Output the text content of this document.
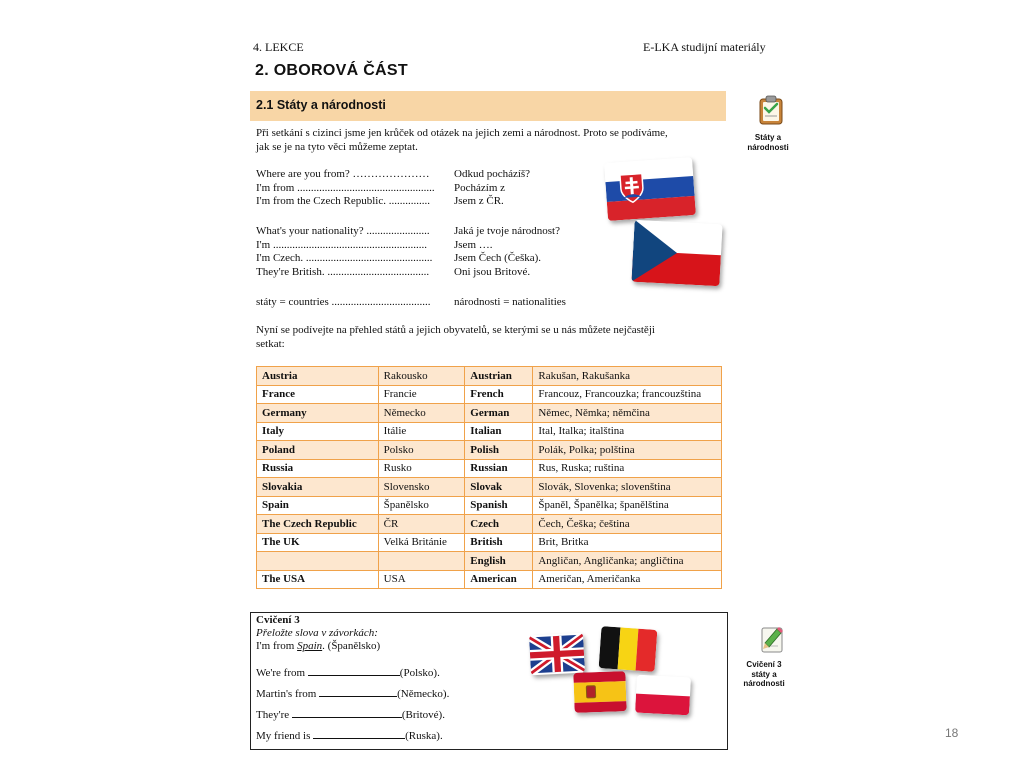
4. LEKCE	E-LKA studijní materiály
2. OBOROVÁ ČÁST
2.1 Státy a národnosti
Státy a
národnosti
Při setkání s cizinci jsme jen krůček od otázek na jejich zemi a národnost. Proto se podíváme,
jak se je na tyto věci můžeme zeptat.
Where are you from? ………………… Odkud pocházíš?
I'm from .................................................. Pocházím z
I'm from the Czech Republic. ............... Jsem z ČR.
What's your nationality? ....................... Jaká je tvoje národnost?
I'm ........................................................ Jsem ….
I'm Czech. .............................................. Jsem Čech (Češka).
They're British. ..................................... Oni jsou Britové.
státy = countries .................................... národnosti = nationalities
Nyní se podívejte na přehled států a jejich obyvatelů, se kterými se u nás můžete nejčastěji
setkat:
Austria	Rakousko	Austrian	Rakušan, Rakušanka
France	Francie	French	Francouz, Francouzka; francouzština
Germany	Německo	German	Němec, Němka; němčina
Italy	Itálie	Italian	Ital, Italka; italština
Poland	Polsko	Polish	Polák, Polka; polština
Russia	Rusko	Russian	Rus, Ruska; ruština
Slovakia	Slovensko	Slovak	Slovák, Slovenka; slovenština
Spain	Španělsko	Spanish	Španěl, Španělka; španělština
The Czech Republic	ČR	Czech	Čech, Češka; čeština
The UK	Velká Británie	British	Brit, Britka
		English	Angličan, Angličanka; angličtina
The USA	USA	American	Američan, Američanka
Cvičení 3
Přeložte slova v závorkách:
I'm from Spain. (Španělsko)
We're from	(Polsko).
Martin's from	(Německo).
They're	(Britové).
My friend is	(Ruska).
Cvičení 3
státy a
národnosti
18
